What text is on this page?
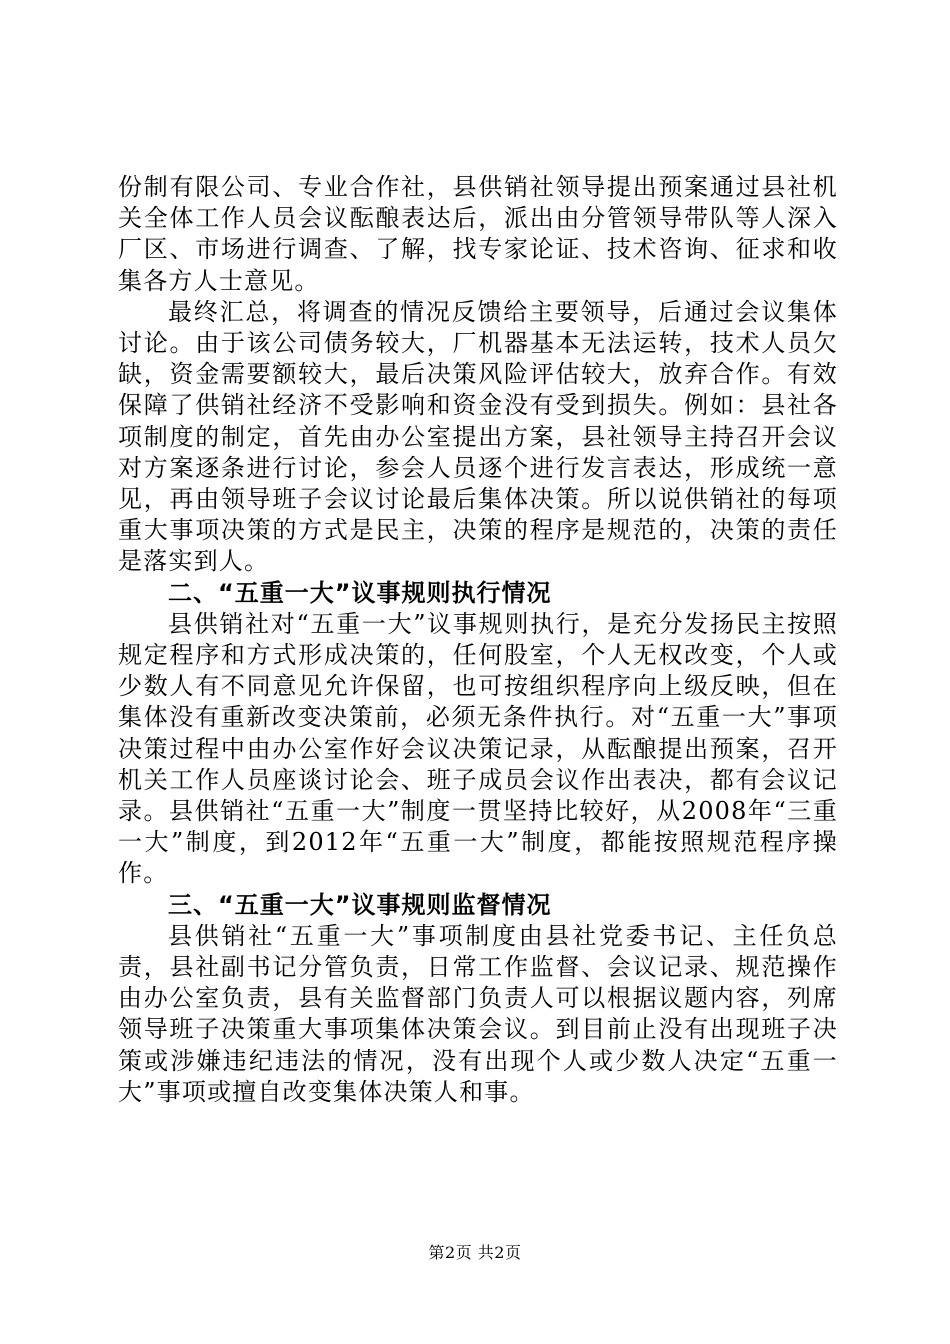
份制有限公司、专业合作社，县供销社领导提出预案通过县社机关全体工作人员会议酝酿表达后，派出由分管领导带队等人深入厂区、市场进行调查、了解，找专家论证、技术咨询、征求和收集各方人士意见。

最终汇总，将调查的情况反馈给主要领导，后通过会议集体讨论。由于该公司债务较大，厂机器基本无法运转，技术人员欠缺，资金需要额较大，最后决策风险评估较大，放弃合作。有效保障了供销社经济不受影响和资金没有受到损失。例如：县社各项制度的制定，首先由办公室提出方案，县社领导主持召开会议对方案逐条进行讨论，参会人员逐个进行发言表达，形成统一意见，再由领导班子会议讨论最后集体决策。所以说供销社的每项重大事项决策的方式是民主，决策的程序是规范的，决策的责任是落实到人。

二、“五重一大”议事规则执行情况

县供销社对“五重一大”议事规则执行，是充分发扬民主按照规定程序和方式形成决策的，任何股室，个人无权改变，个人或少数人有不同意见允许保留，也可按组织程序向上级反映，但在集体没有重新改变决策前，必须无条件执行。对“五重一大”事项决策过程中由办公室作好会议决策记录，从酝酿提出预案，召开机关工作人员座谈讨论会、班子成员会议作出表决，都有会议记录。县供销社“五重一大”制度一贯坚持比较好，从2008年“三重一大”制度，到2012年“五重一大”制度，都能按照规范程序操作。

三、“五重一大”议事规则监督情况

县供销社“五重一大”事项制度由县社党委书记、主任负总责，县社副书记分管负责，日常工作监督、会议记录、规范操作由办公室负责，县有关监督部门负责人可以根据议题内容，列席领导班子决策重大事项集体决策会议。到目前止没有出现班子决策或涉嫌违纪违法的情况，没有出现个人或少数人决定“五重一大”事项或擅自改变集体决策人和事。

第2页 共2页
